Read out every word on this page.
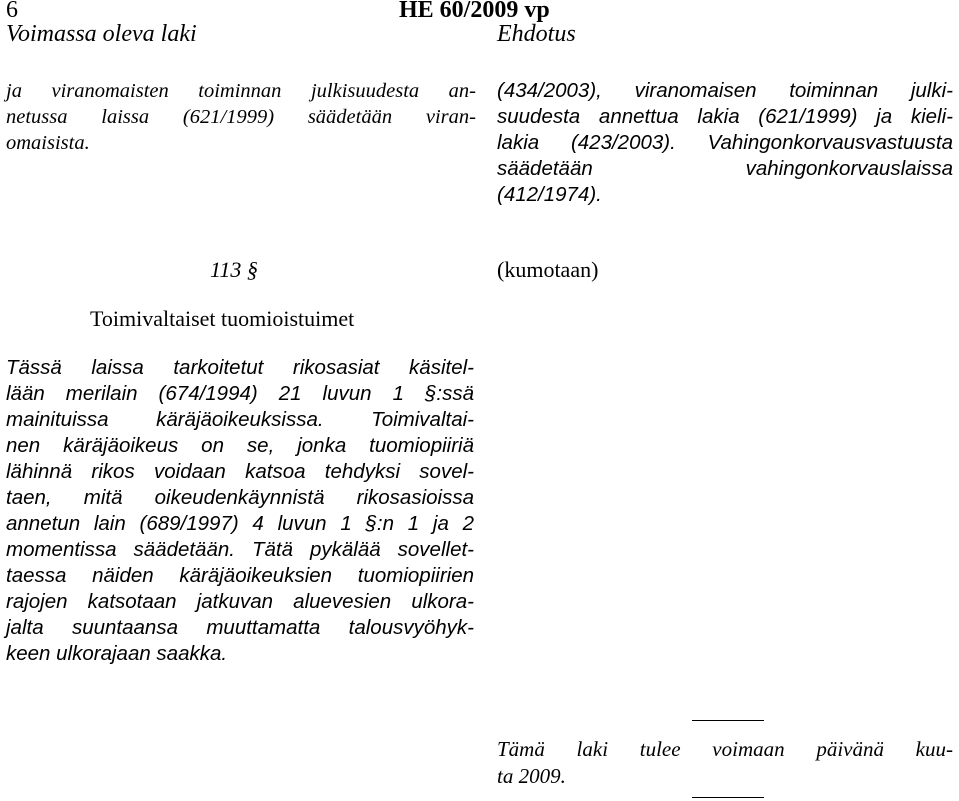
6	HE 60/2009 vp
Voimassa oleva laki	Ehdotus
ja viranomaisten toiminnan julkisuudesta an-
netussa laissa (621/1999) säädetään viran-
omaisista.
(434/2003), viranomaisen toiminnan julki-
suudesta annettua lakia (621/1999) ja kieli-
lakia (423/2003). Vahingonkorvausvastuusta
säädetään vahingonkorvauslaissa
(412/1974).
113 §	(kumotaan)
Toimivaltaiset tuomioistuimet
Tässä laissa tarkoitetut rikosasiat käsitel-
lään merilain (674/1994) 21 luvun 1 §:ssä
mainituissa käräjäoikeuksissa. Toimivaltai-
nen käräjäoikeus on se, jonka tuomiopiiriä
lähinnä rikos voidaan katsoa tehdyksi sovel-
taen, mitä oikeudenkäynnistä rikosasioissa
annetun lain (689/1997) 4 luvun 1 §:n 1 ja 2
momentissa säädetään. Tätä pykälää sovellet-
taessa näiden käräjäoikeuksien tuomiopiirien
rajojen katsotaan jatkuvan aluevesien ulkora-
jalta suuntaansa muuttamatta talousvyöhyk-
keen ulkorajaan saakka.
Tämä laki tulee voimaan päivänä kuu-
ta 2009.
